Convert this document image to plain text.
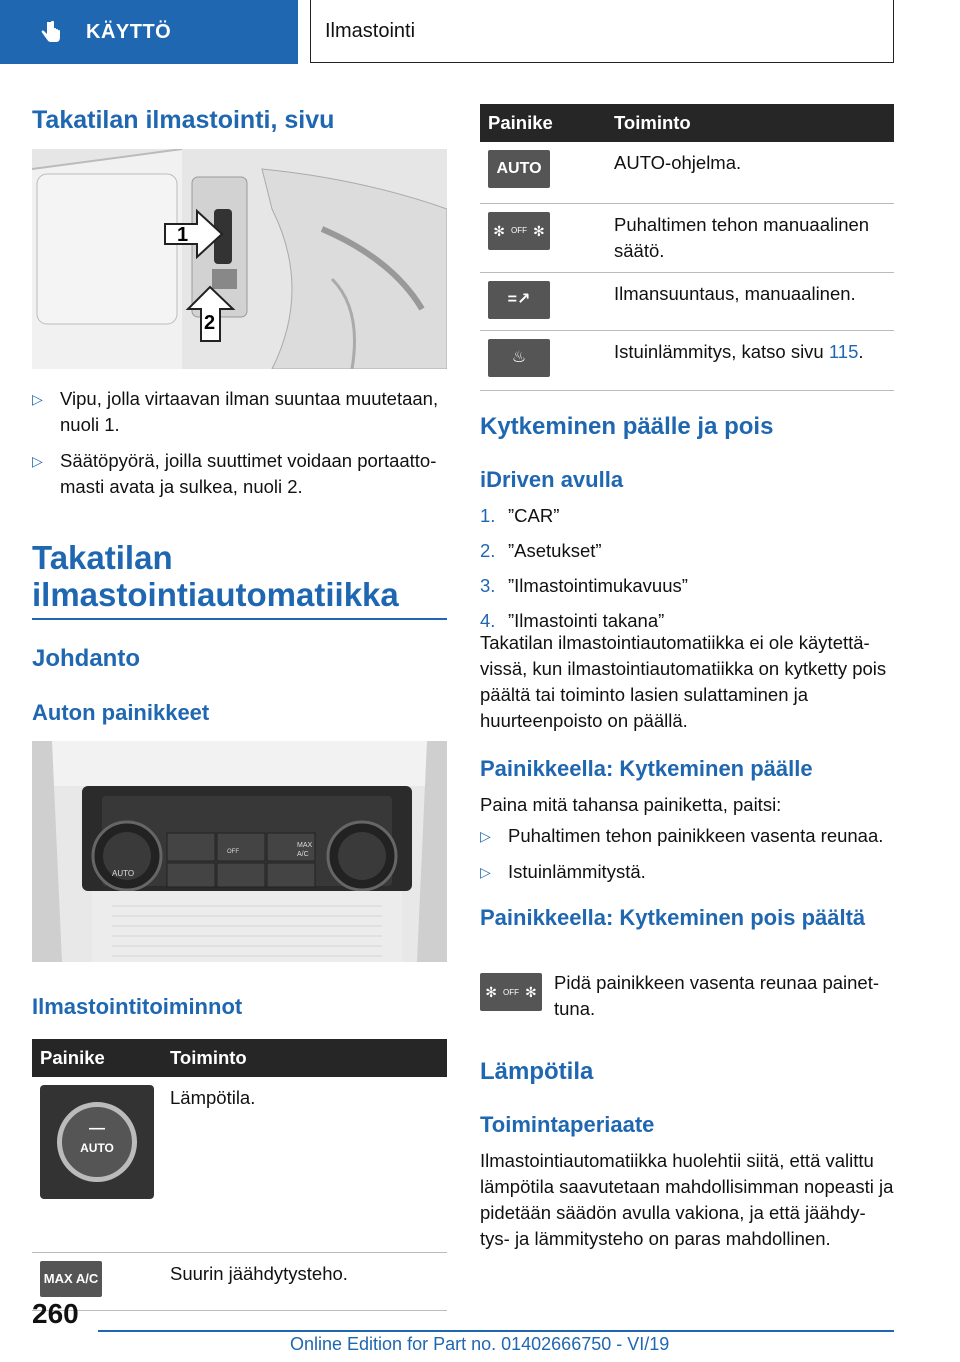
KÄYTTÖ	Ilmastointi
Takatilan ilmastointi, sivu
1
2
▷ Vipu, jolla virtaavan ilman suuntaa muutetaan, nuoli 1.
▷ Säätöpyörä, joilla suuttimet voidaan portaatto-masti avata ja sulkea, nuoli 2.
Takatilan ilmastointiautomatiikka
Johdanto
Auton painikkeet
AUTO
OFF
MAX
A/C
Ilmastointitoiminnot
Painike	Toiminto

—
AUTO	Lämpötila.

MAX A/C	Suurin jäähdytysteho.
Painike	Toiminto

AUTO	AUTO-ohjelma.

✻ OFF ✻	Puhaltimen tehon manuaalinen säätö.

=↗	Ilmansuuntaus, manuaalinen.

♨	Istuinlämmitys, katso sivu 115.
Kytkeminen päälle ja pois
iDriven avulla
1. ”CAR”
2. ”Asetukset”
3. ”Ilmastointimukavuus”
4. ”Ilmastointi takana”

Takatilan ilmastointiautomatiikka ei ole käytettä-vissä, kun ilmastointiautomatiikka on kytketty pois päältä tai toiminto lasien sulattaminen ja huurteenpoisto on päällä.

Painikkeella: Kytkeminen päälle

Paina mitä tahansa painiketta, paitsi:

▷ Puhaltimen tehon painikkeen vasenta reunaa.
▷ Istuinlämmitystä.
Painikkeella: Kytkeminen pois päältä
✻ OFF ✻ Pidä painikkeen vasenta reunaa painet-tuna.

Lämpötila
Toimintaperiaate

Ilmastointiautomatiikka huolehtii siitä, että valittu lämpötila saavutetaan mahdollisimman nopeasti ja pidetään säädön avulla vakiona, ja että jäähdy-tys- ja lämmitysteho on paras mahdollinen.

260
Online Edition for Part no. 01402666750 - VI/19
